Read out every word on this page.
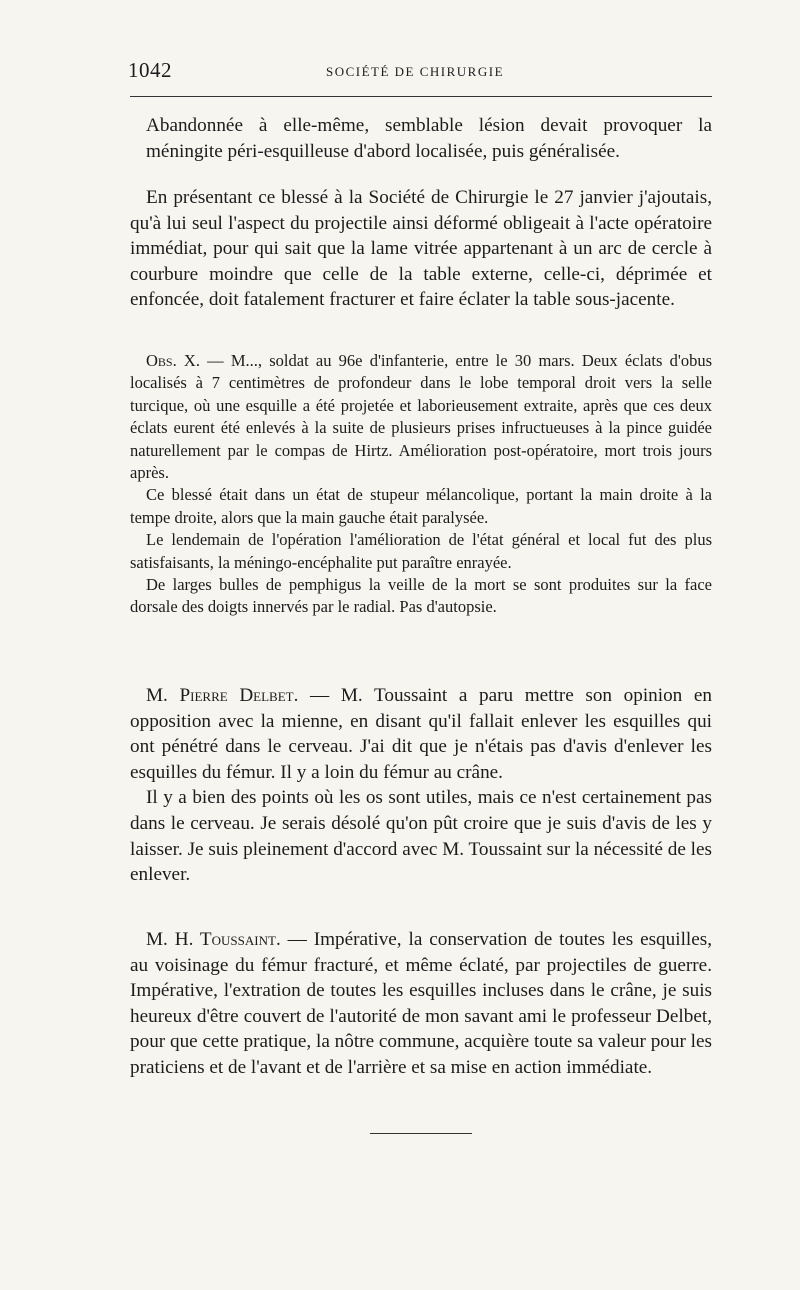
1042	SOCIÉTÉ DE CHIRURGIE

Abandonnée à elle-même, semblable lésion devait provoquer la méningite péri-esquilleuse d'abord localisée, puis généralisée.

En présentant ce blessé à la Société de Chirurgie le 27 janvier j'ajoutais, qu'à lui seul l'aspect du projectile ainsi déformé obligeait à l'acte opératoire immédiat, pour qui sait que la lame vitrée appartenant à un arc de cercle à courbure moindre que celle de la table externe, celle-ci, déprimée et enfoncée, doit fatalement fracturer et faire éclater la table sous-jacente.

Obs. X. — M..., soldat au 96e d'infanterie, entre le 30 mars. Deux éclats d'obus localisés à 7 centimètres de profondeur dans le lobe temporal droit vers la selle turcique, où une esquille a été projetée et laborieusement extraite, après que ces deux éclats eurent été enlevés à la suite de plusieurs prises infructueuses à la pince guidée naturellement par le compas de Hirtz. Amélioration post-opératoire, mort trois jours après.

Ce blessé était dans un état de stupeur mélancolique, portant la main droite à la tempe droite, alors que la main gauche était paralysée.

Le lendemain de l'opération l'amélioration de l'état général et local fut des plus satisfaisants, la méningo-encéphalite put paraître enrayée.

De larges bulles de pemphigus la veille de la mort se sont produites sur la face dorsale des doigts innervés par le radial. Pas d'autopsie.

M. Pierre Delbet. — M. Toussaint a paru mettre son opinion en opposition avec la mienne, en disant qu'il fallait enlever les esquilles qui ont pénétré dans le cerveau. J'ai dit que je n'étais pas d'avis d'enlever les esquilles du fémur. Il y a loin du fémur au crâne.

Il y a bien des points où les os sont utiles, mais ce n'est certainement pas dans le cerveau. Je serais désolé qu'on pût croire que je suis d'avis de les y laisser. Je suis pleinement d'accord avec M. Toussaint sur la nécessité de les enlever.

M. H. Toussaint. — Impérative, la conservation de toutes les esquilles, au voisinage du fémur fracturé, et même éclaté, par projectiles de guerre. Impérative, l'extration de toutes les esquilles incluses dans le crâne, je suis heureux d'être couvert de l'autorité de mon savant ami le professeur Delbet, pour que cette pratique, la nôtre commune, acquière toute sa valeur pour les praticiens et de l'avant et de l'arrière et sa mise en action immédiate.
